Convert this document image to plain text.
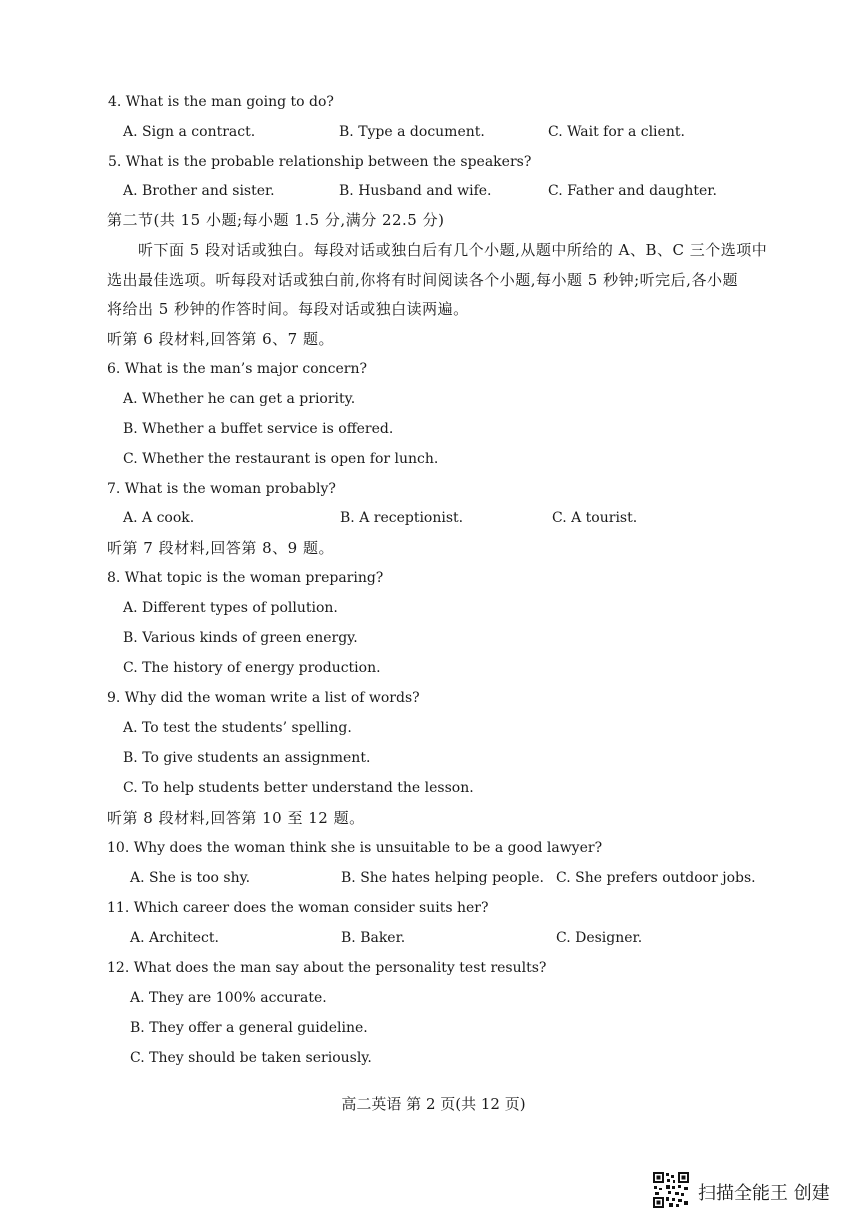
4. What is the man going to do?
A. Sign a contract.	B. Type a document.	C. Wait for a client.
5. What is the probable relationship between the speakers?
A. Brother and sister.	B. Husband and wife.	C. Father and daughter.
第二节(共 15 小题;每小题 1.5 分,满分 22.5 分)
听下面 5 段对话或独白。每段对话或独白后有几个小题,从题中所给的 A、B、C 三个选项中
选出最佳选项。听每段对话或独白前,你将有时间阅读各个小题,每小题 5 秒钟;听完后,各小题
将给出 5 秒钟的作答时间。每段对话或独白读两遍。
听第 6 段材料,回答第 6、7 题。
6. What is the man’s major concern?
A. Whether he can get a priority.
B. Whether a buffet service is offered.
C. Whether the restaurant is open for lunch.
7. What is the woman probably?
A. A cook.	B. A receptionist.	C. A tourist.
听第 7 段材料,回答第 8、9 题。
8. What topic is the woman preparing?
A. Different types of pollution.
B. Various kinds of green energy.
C. The history of energy production.
9. Why did the woman write a list of words?
A. To test the students’ spelling.
B. To give students an assignment.
C. To help students better understand the lesson.
听第 8 段材料,回答第 10 至 12 题。
10. Why does the woman think she is unsuitable to be a good lawyer?
A. She is too shy.	B. She hates helping people. C. She prefers outdoor jobs.
11. Which career does the woman consider suits her?
A. Architect.	B. Baker.	C. Designer.
12. What does the man say about the personality test results?
A. They are 100% accurate.
B. They offer a general guideline.
C. They should be taken seriously.
高二英语 第 2 页(共 12 页)
扫描全能王 创建
